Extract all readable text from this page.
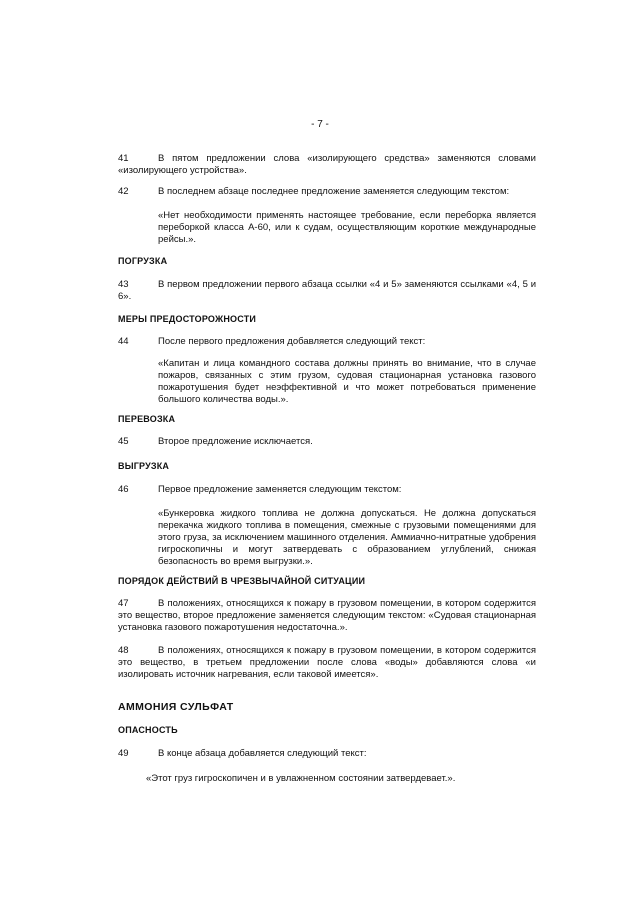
- 7 -
41	В пятом предложении слова «изолирующего средства» заменяются словами «изолирующего устройства».
42	В последнем абзаце последнее предложение заменяется следующим текстом:
«Нет необходимости применять настоящее требование, если переборка является переборкой класса А-60, или к судам, осуществляющим короткие международные рейсы.».
ПОГРУЗКА
43	В первом предложении первого абзаца ссылки «4 и 5» заменяются ссылками «4, 5 и 6».
МЕРЫ ПРЕДОСТОРОЖНОСТИ
44	После первого предложения добавляется следующий текст:
«Капитан и лица командного состава должны принять во внимание, что в случае пожаров, связанных с этим грузом, судовая стационарная установка газового пожаротушения будет неэффективной и что может потребоваться применение большого количества воды.».
ПЕРЕВОЗКА
45	Второе предложение исключается.
ВЫГРУЗКА
46	Первое предложение заменяется следующим текстом:
«Бункеровка жидкого топлива не должна допускаться. Не должна допускаться перекачка жидкого топлива в помещения, смежные с грузовыми помещениями для этого груза, за исключением машинного отделения. Аммиачно-нитратные удобрения гигроскопичны и могут затвердевать с образованием углублений, снижая безопасность во время выгрузки.».
ПОРЯДОК ДЕЙСТВИЙ В ЧРЕЗВЫЧАЙНОЙ СИТУАЦИИ
47	В положениях, относящихся к пожару в грузовом помещении, в котором содержится это вещество, второе предложение заменяется следующим текстом: «Судовая стационарная установка газового пожаротушения недостаточна.».
48	В положениях, относящихся к пожару в грузовом помещении, в котором содержится это вещество, в третьем предложении после слова «воды» добавляются слова «и изолировать источник нагревания, если таковой имеется».
АММОНИЯ СУЛЬФАТ
ОПАСНОСТЬ
49	В конце абзаца добавляется следующий текст:
«Этот груз гигроскопичен и в увлажненном состоянии затвердевает.».
